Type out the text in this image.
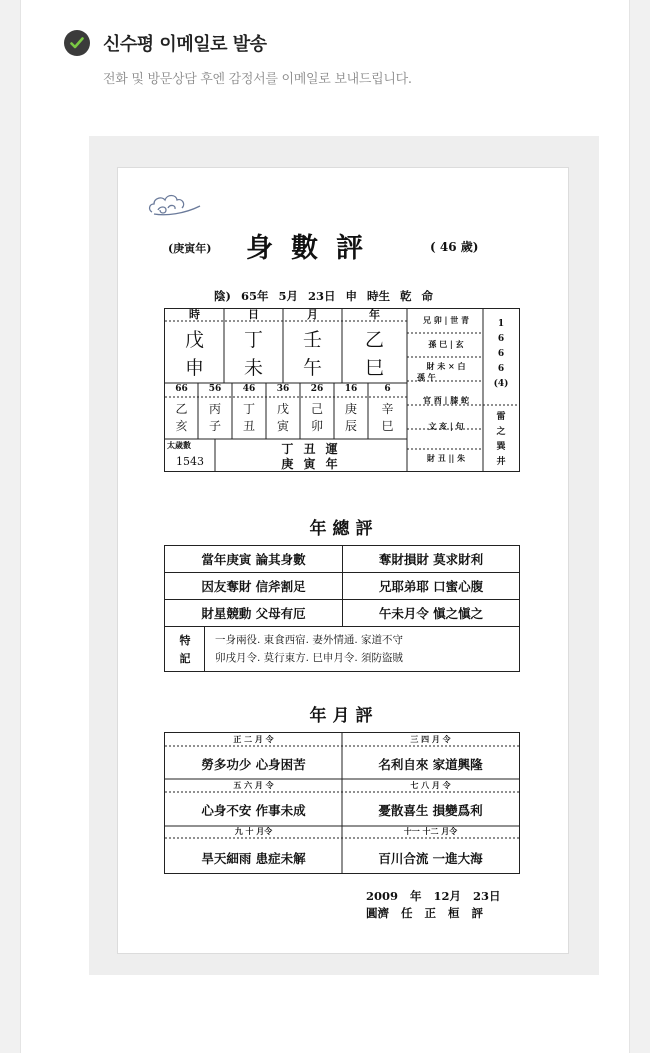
신수평 이메일로 발송
전화 및 방문상담 후엔 감정서를 이메일로 보내드립니다.
(庚寅年) 身數評	( 46 歲)
陰) 65年 5月 23日 申 時生 乾 命
時	日	月	年
戊	丁	壬	乙
申	未	午	巳
66	56	46	36	26	16	6
乙	丙	丁	戊	己	庚	辛
亥	子	丑	寅	卯	辰	巳
太歲數
1543
丁 丑 運
庚 寅 年
兄 卯 | 世 青
孫 巳 | 玄
財 未 × 白
孫 午
官 酉 | 膝 蛇
文 亥 | 句
財 丑 || 朱
1
6
6
6
(4)
雷
之
巽
井
年總評
當年庚寅 論其身數	奪財損財 莫求財利
因友奪財 信斧割足	兄耶弟耶 口蜜心腹
財星競動 父母有厄	午未月令 愼之愼之
特
記
一身兩役. 東食西宿. 妻外情通. 家道不守
卯戌月令. 莫行東方. 巳申月令. 須防盜賊
年月評
正 二 月 令	三 四 月 令
勞多功少 心身困苦	名利自來 家道興隆
五 六 月 令	七 八 月 令
心身不安 作事未成	憂散喜生 損變爲利
九 十 月令	十一 十二 月令
旱天細雨 患症未解	百川合流 一進大海
2009 年 12月 23日
圓濟 任 正 桓 評
